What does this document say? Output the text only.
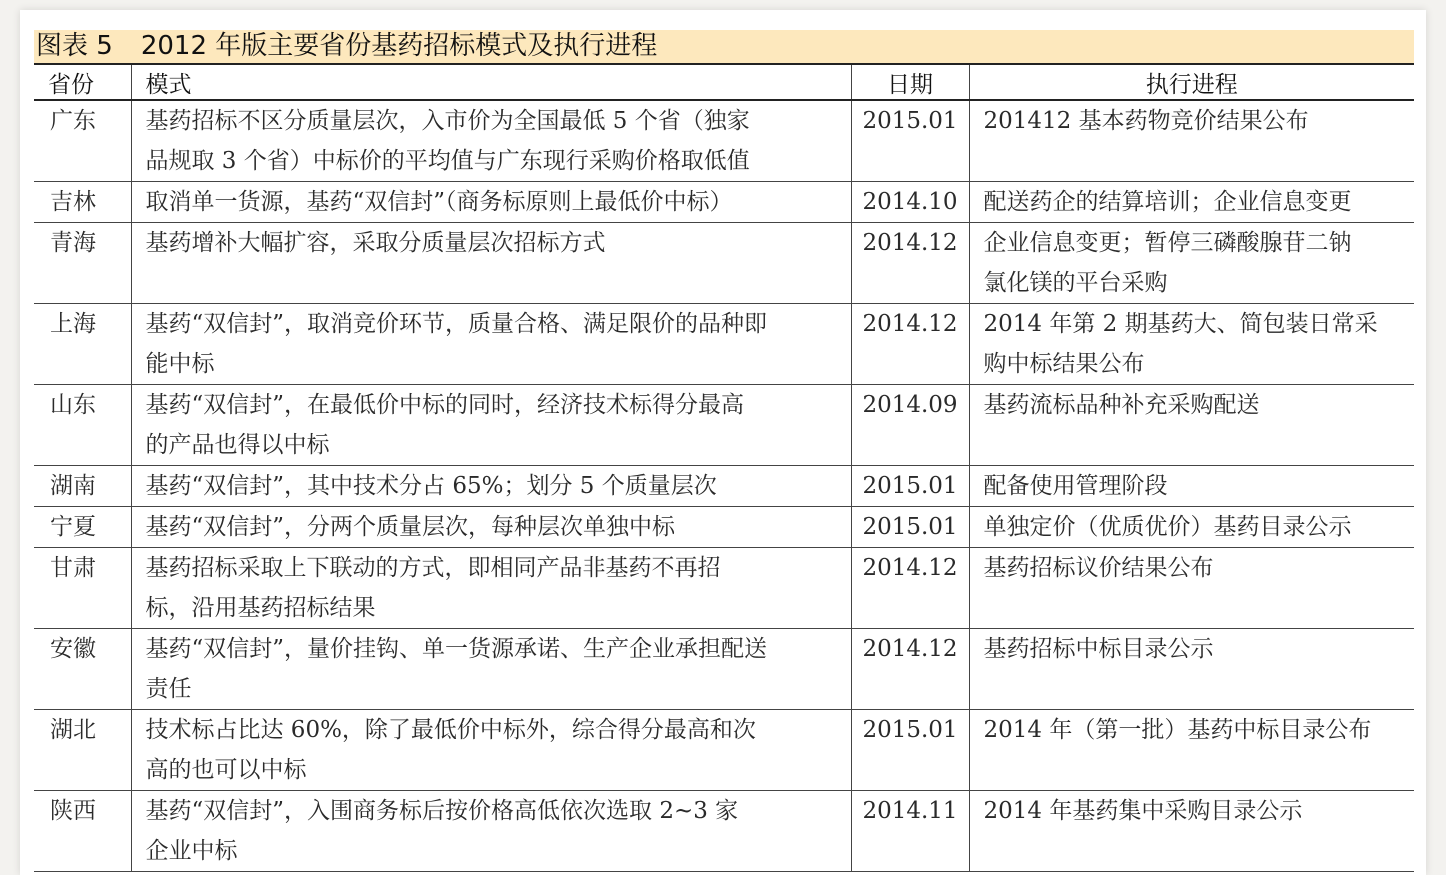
图表 5 2012 年版主要省份基药招标模式及执行进程
省份	模式	日期	执行进程
广东	基药招标不区分质量层次，入市价为全国最低 5 个省（独家
品规取 3 个省）中标价的平均值与广东现行采购价格取低值	2015.01	201412 基本药物竞价结果公布

吉林	取消单一货源，基药“双信封”（商务标原则上最低价中标）	2014.10	配送药企的结算培训；企业信息变更

青海	基药增补大幅扩容，采取分质量层次招标方式	2014.12	企业信息变更；暂停三磷酸腺苷二钠
氯化镁的平台采购

上海	基药“双信封”，取消竞价环节，质量合格、满足限价的品种即
能中标	2014.12	2014 年第 2 期基药大、简包装日常采
购中标结果公布

山东	基药“双信封”，在最低价中标的同时，经济技术标得分最高
的产品也得以中标	2014.09	基药流标品种补充采购配送

湖南	基药“双信封”，其中技术分占 65%；划分 5 个质量层次	2015.01	配备使用管理阶段

宁夏	基药“双信封”，分两个质量层次，每种层次单独中标	2015.01	单独定价（优质优价）基药目录公示

甘肃	基药招标采取上下联动的方式，即相同产品非基药不再招
标，沿用基药招标结果	2014.12	基药招标议价结果公布

安徽	基药“双信封”，量价挂钩、单一货源承诺、生产企业承担配送
责任	2014.12	基药招标中标目录公示

湖北	技术标占比达 60%，除了最低价中标外，综合得分最高和次
高的也可以中标	2015.01	2014 年（第一批）基药中标目录公布

陕西	基药“双信封”，入围商务标后按价格高低依次选取 2~3 家
企业中标	2014.11	2014 年基药集中采购目录公示
